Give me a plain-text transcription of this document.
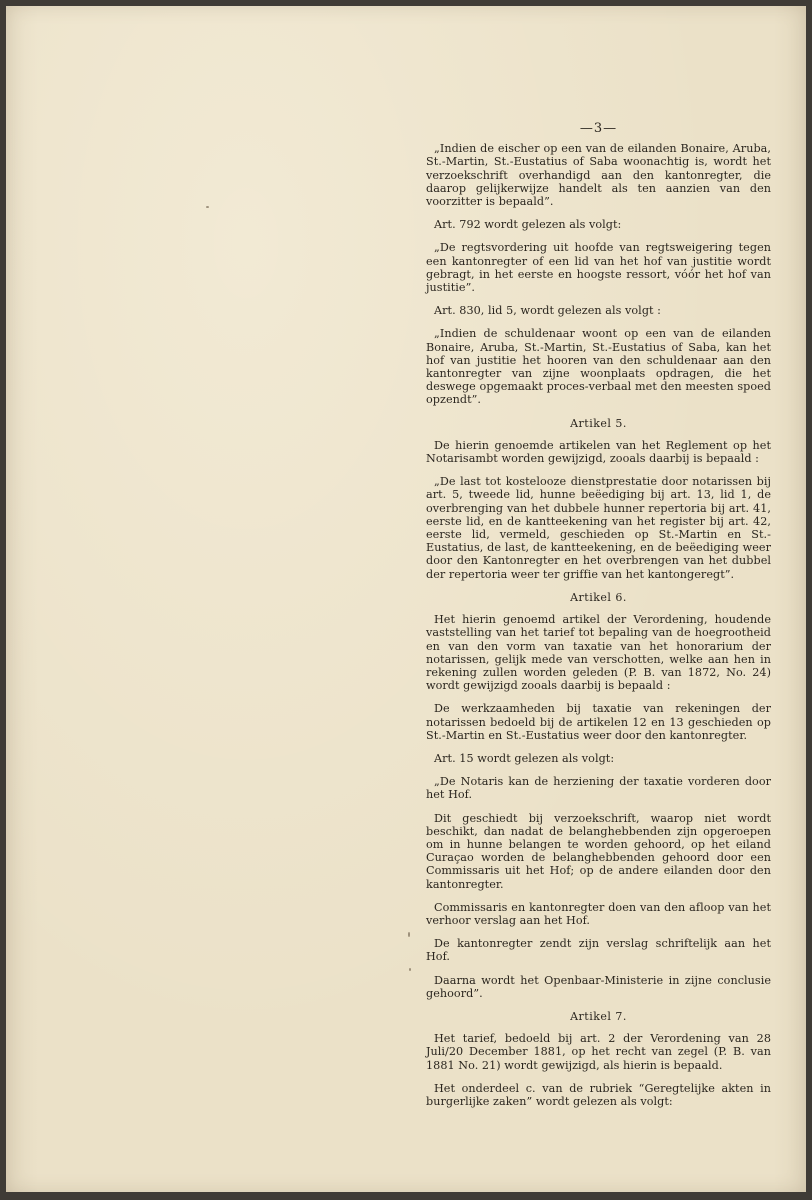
—3—

„Indien de eischer op een van de eilanden Bonaire, Aruba, St.-Martin, St.-Eustatius of Saba woonachtig is, wordt het verzoekschrift overhandigd aan den kantonregter, die daarop gelijkerwijze handelt als ten aanzien van den voorzitter is bepaald”.

Art. 792 wordt gelezen als volgt:

„De regtsvordering uit hoofde van regtsweigering tegen een kantonregter of een lid van het hof van justitie wordt gebragt, in het eerste en hoogste ressort, vóór het hof van justitie”.

Art. 830, lid 5, wordt gelezen als volgt :

„Indien de schuldenaar woont op een van de eilanden Bonaire, Aruba, St.-Martin, St.-Eustatius of Saba, kan het hof van justitie het hooren van den schuldenaar aan den kantonregter van zijne woonplaats opdragen, die het deswege opgemaakt proces-verbaal met den meesten spoed opzendt”.

Artikel 5.

De hierin genoemde artikelen van het Reglement op het Notarisambt worden gewijzigd, zooals daarbij is bepaald :

„De last tot kostelooze dienstprestatie door notarissen bij art. 5, tweede lid, hunne beëediging bij art. 13, lid 1, de overbrenging van het dubbele hunner repertoria bij art. 41, eerste lid, en de kantteekening van het register bij art. 42, eerste lid, vermeld, geschieden op St.-Martin en St.-Eustatius, de last, de kantteekening, en de beëediging weer door den Kantonregter en het overbrengen van het dubbel der repertoria weer ter griffie van het kantongeregt”.

Artikel 6.

Het hierin genoemd artikel der Verordening, houdende vaststelling van het tarief tot bepaling van de hoegrootheid en van den vorm van taxatie van het honorarium der notarissen, gelijk mede van verschotten, welke aan hen in rekening zullen worden geleden (P. B. van 1872, No. 24) wordt gewijzigd zooals daarbij is bepaald :

De werkzaamheden bij taxatie van rekeningen der notarissen bedoeld bij de artikelen 12 en 13 geschieden op St.-Martin en St.-Eustatius weer door den kantonregter.

Art. 15 wordt gelezen als volgt:

„De Notaris kan de herziening der taxatie vorderen door het Hof.

Dit geschiedt bij verzoekschrift, waarop niet wordt beschikt, dan nadat de belanghebbenden zijn opgeroepen om in hunne belangen te worden gehoord, op het eiland Curaçao worden de belanghebbenden gehoord door een Commissaris uit het Hof; op de andere eilanden door den kantonregter.

Commissaris en kantonregter doen van den afloop van het verhoor verslag aan het Hof.

De kantonregter zendt zijn verslag schriftelijk aan het Hof.

Daarna wordt het Openbaar-Ministerie in zijne conclusie gehoord”.

Artikel 7.

Het tarief, bedoeld bij art. 2 der Verordening van 28 Juli/20 December 1881, op het recht van zegel (P. B. van 1881 No. 21) wordt gewijzigd, als hierin is bepaald.

Het onderdeel c. van de rubriek “Geregtelijke akten in burgerlijke zaken” wordt gelezen als volgt:
